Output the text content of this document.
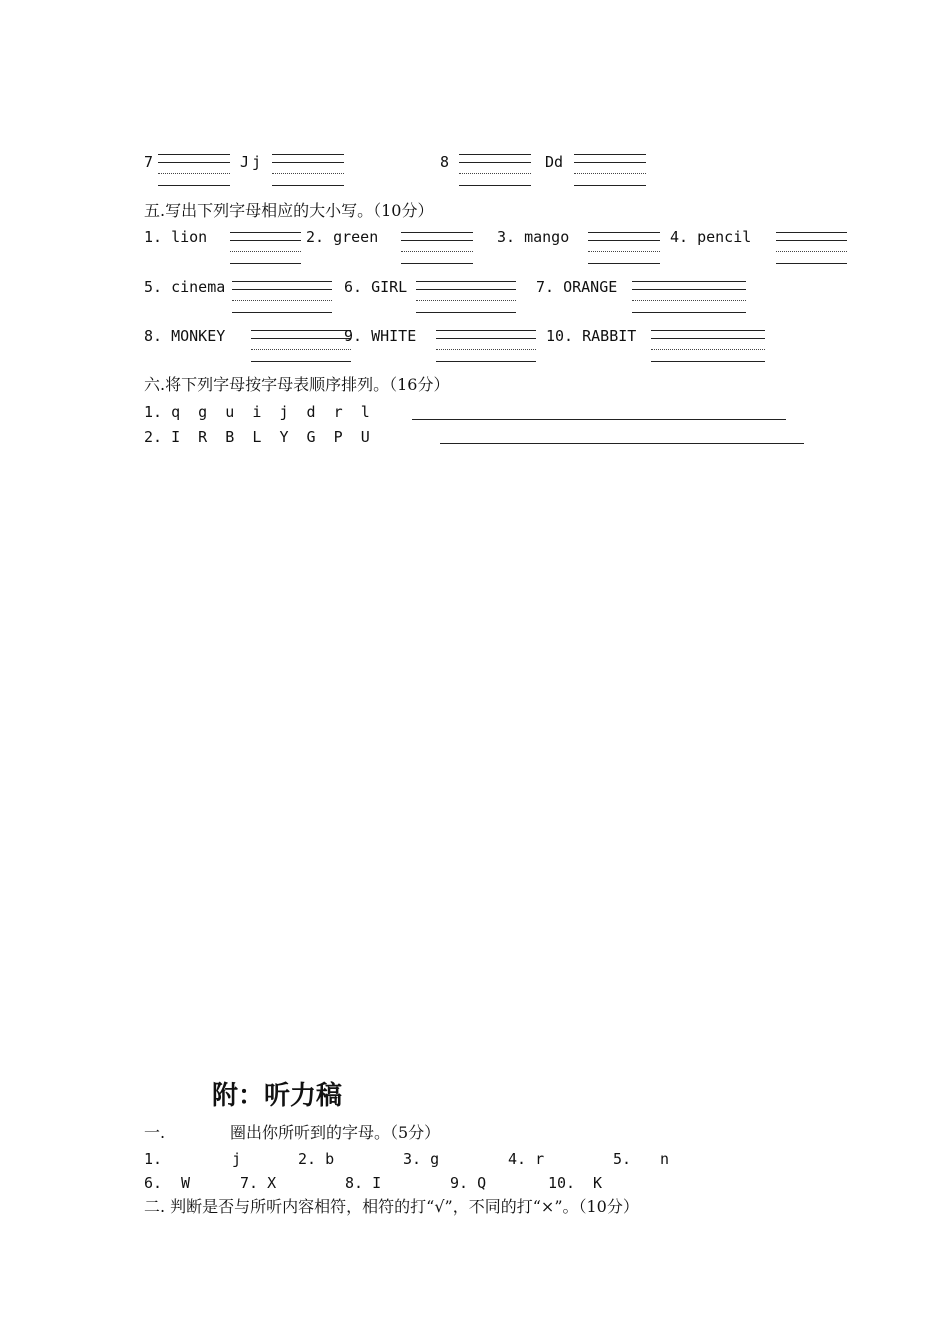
7	Jj	8	Dd
五.写出下列字母相应的大小写。（10分）
1. lion	2. green	3. mango	4. pencil
5. cinema	6. GIRL	7. ORANGE
8. MONKEY	9. WHITE	10. RABBIT
六.将下列字母按字母表顺序排列。（16分）
1. q  g  u  i  j  d  r  l
2. I  R  B  L  Y  G  P  U
附：听力稿
一.	圈出你所听到的字母。（5分）
1.	j	2. b	3. g	4. r	5. n
6. W	7. X	8. I	9. Q	10. K
二. 判断是否与所听内容相符，相符的打“√”，不同的打“×”。（10分）
